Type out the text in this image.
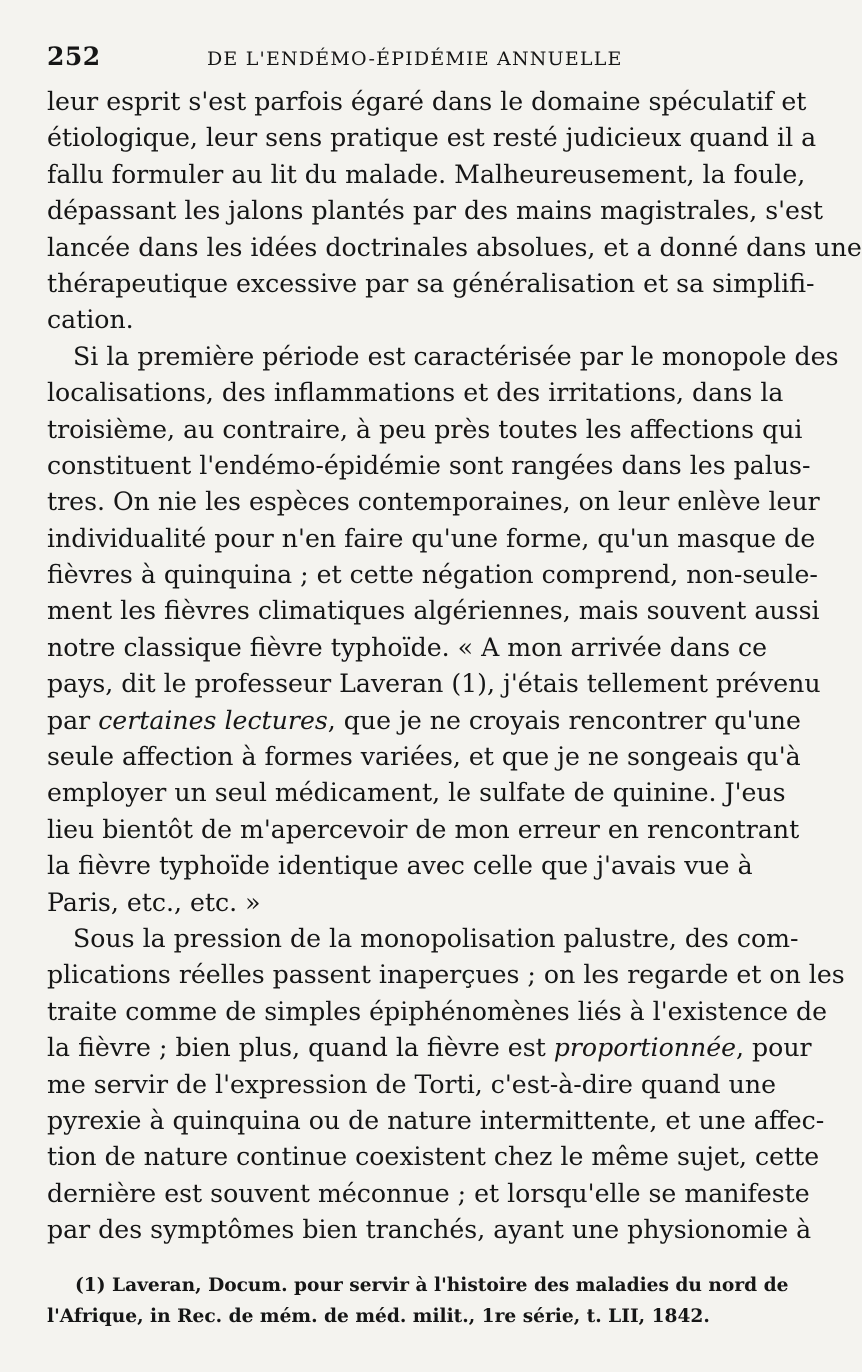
252	DE L'ENDÉMO-ÉPIDÉMIE ANNUELLE
leur esprit s'est parfois égaré dans le domaine spéculatif et
étiologique, leur sens pratique est resté judicieux quand il a
fallu formuler au lit du malade. Malheureusement, la foule,
dépassant les jalons plantés par des mains magistrales, s'est
lancée dans les idées doctrinales absolues, et a donné dans une
thérapeutique excessive par sa généralisation et sa simplifi-
cation.
Si la première période est caractérisée par le monopole des
localisations, des inflammations et des irritations, dans la
troisième, au contraire, à peu près toutes les affections qui
constituent l'endémo-épidémie sont rangées dans les palus-
tres. On nie les espèces contemporaines, on leur enlève leur
individualité pour n'en faire qu'une forme, qu'un masque de
fièvres à quinquina ; et cette négation comprend, non-seule-
ment les fièvres climatiques algériennes, mais souvent aussi
notre classique fièvre typhoïde. « A mon arrivée dans ce
pays, dit le professeur Laveran (1), j'étais tellement prévenu
par certaines lectures, que je ne croyais rencontrer qu'une
seule affection à formes variées, et que je ne songeais qu'à
employer un seul médicament, le sulfate de quinine. J'eus
lieu bientôt de m'apercevoir de mon erreur en rencontrant
la fièvre typhoïde identique avec celle que j'avais vue à
Paris, etc., etc. »
Sous la pression de la monopolisation palustre, des com-
plications réelles passent inaperçues ; on les regarde et on les
traite comme de simples épiphénomènes liés à l'existence de
la fièvre ; bien plus, quand la fièvre est proportionnée, pour
me servir de l'expression de Torti, c'est-à-dire quand une
pyrexie à quinquina ou de nature intermittente, et une affec-
tion de nature continue coexistent chez le même sujet, cette
dernière est souvent méconnue ; et lorsqu'elle se manifeste
par des symptômes bien tranchés, ayant une physionomie à
(1) Laveran, Docum. pour servir à l'histoire des maladies du nord de
l'Afrique, in Rec. de mém. de méd. milit., 1re série, t. LII, 1842.
